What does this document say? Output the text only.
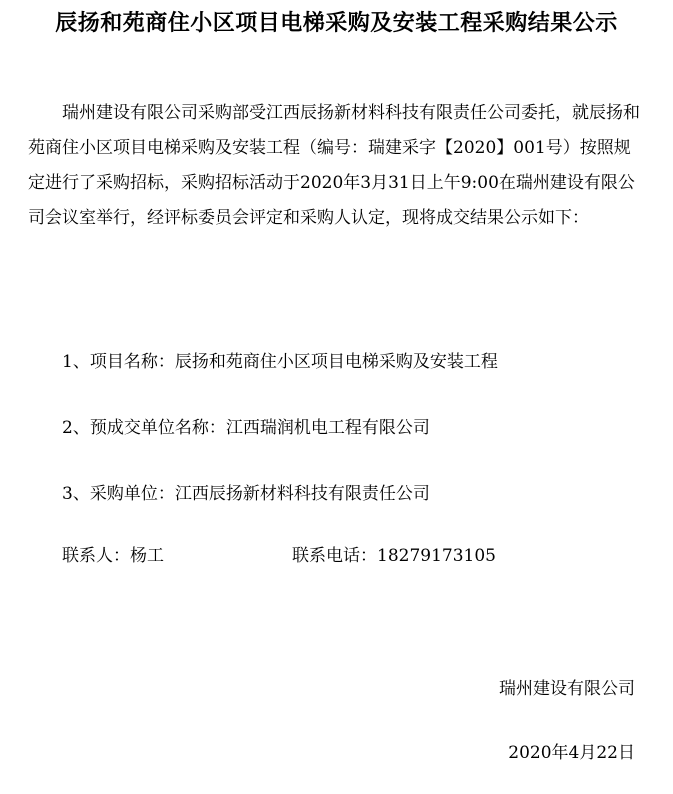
辰扬和苑商住小区项目电梯采购及安装工程采购结果公示

瑞州建设有限公司采购部受江西辰扬新材料科技有限责任公司委托，就辰扬和苑商住小区项目电梯采购及安装工程（编号：瑞建采字【2020】001号）按照规定进行了采购招标，采购招标活动于2020年3月31日上午9:00在瑞州建设有限公司会议室举行，经评标委员会评定和采购人认定，现将成交结果公示如下：

1、项目名称：辰扬和苑商住小区项目电梯采购及安装工程
2、预成交单位名称：江西瑞润机电工程有限公司
3、采购单位：江西辰扬新材料科技有限责任公司
联系人：杨工	联系电话：18279173105
瑞州建设有限公司
2020年4月22日
